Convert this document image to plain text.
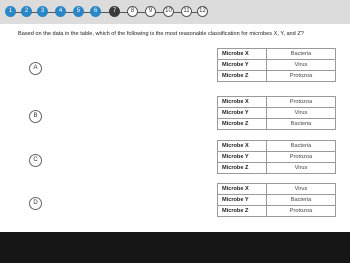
Based on the data in the table, which of the following is the most reasonable classification for microbes X, Y, and Z?
1	2	3	4	5	6	7	8	9	10	11	12
A
Microbe X	Bacteria
Microbe Y	Virus
Microbe Z	Protozoa
B
Microbe X	Protozoa
Microbe Y	Virus
Microbe Z	Bacteria
C
Microbe X	Bacteria
Microbe Y	Protozoa
Microbe Z	Virus
D
Microbe X	Virus
Microbe Y	Bacteria
Microbe Z	Protozoa
